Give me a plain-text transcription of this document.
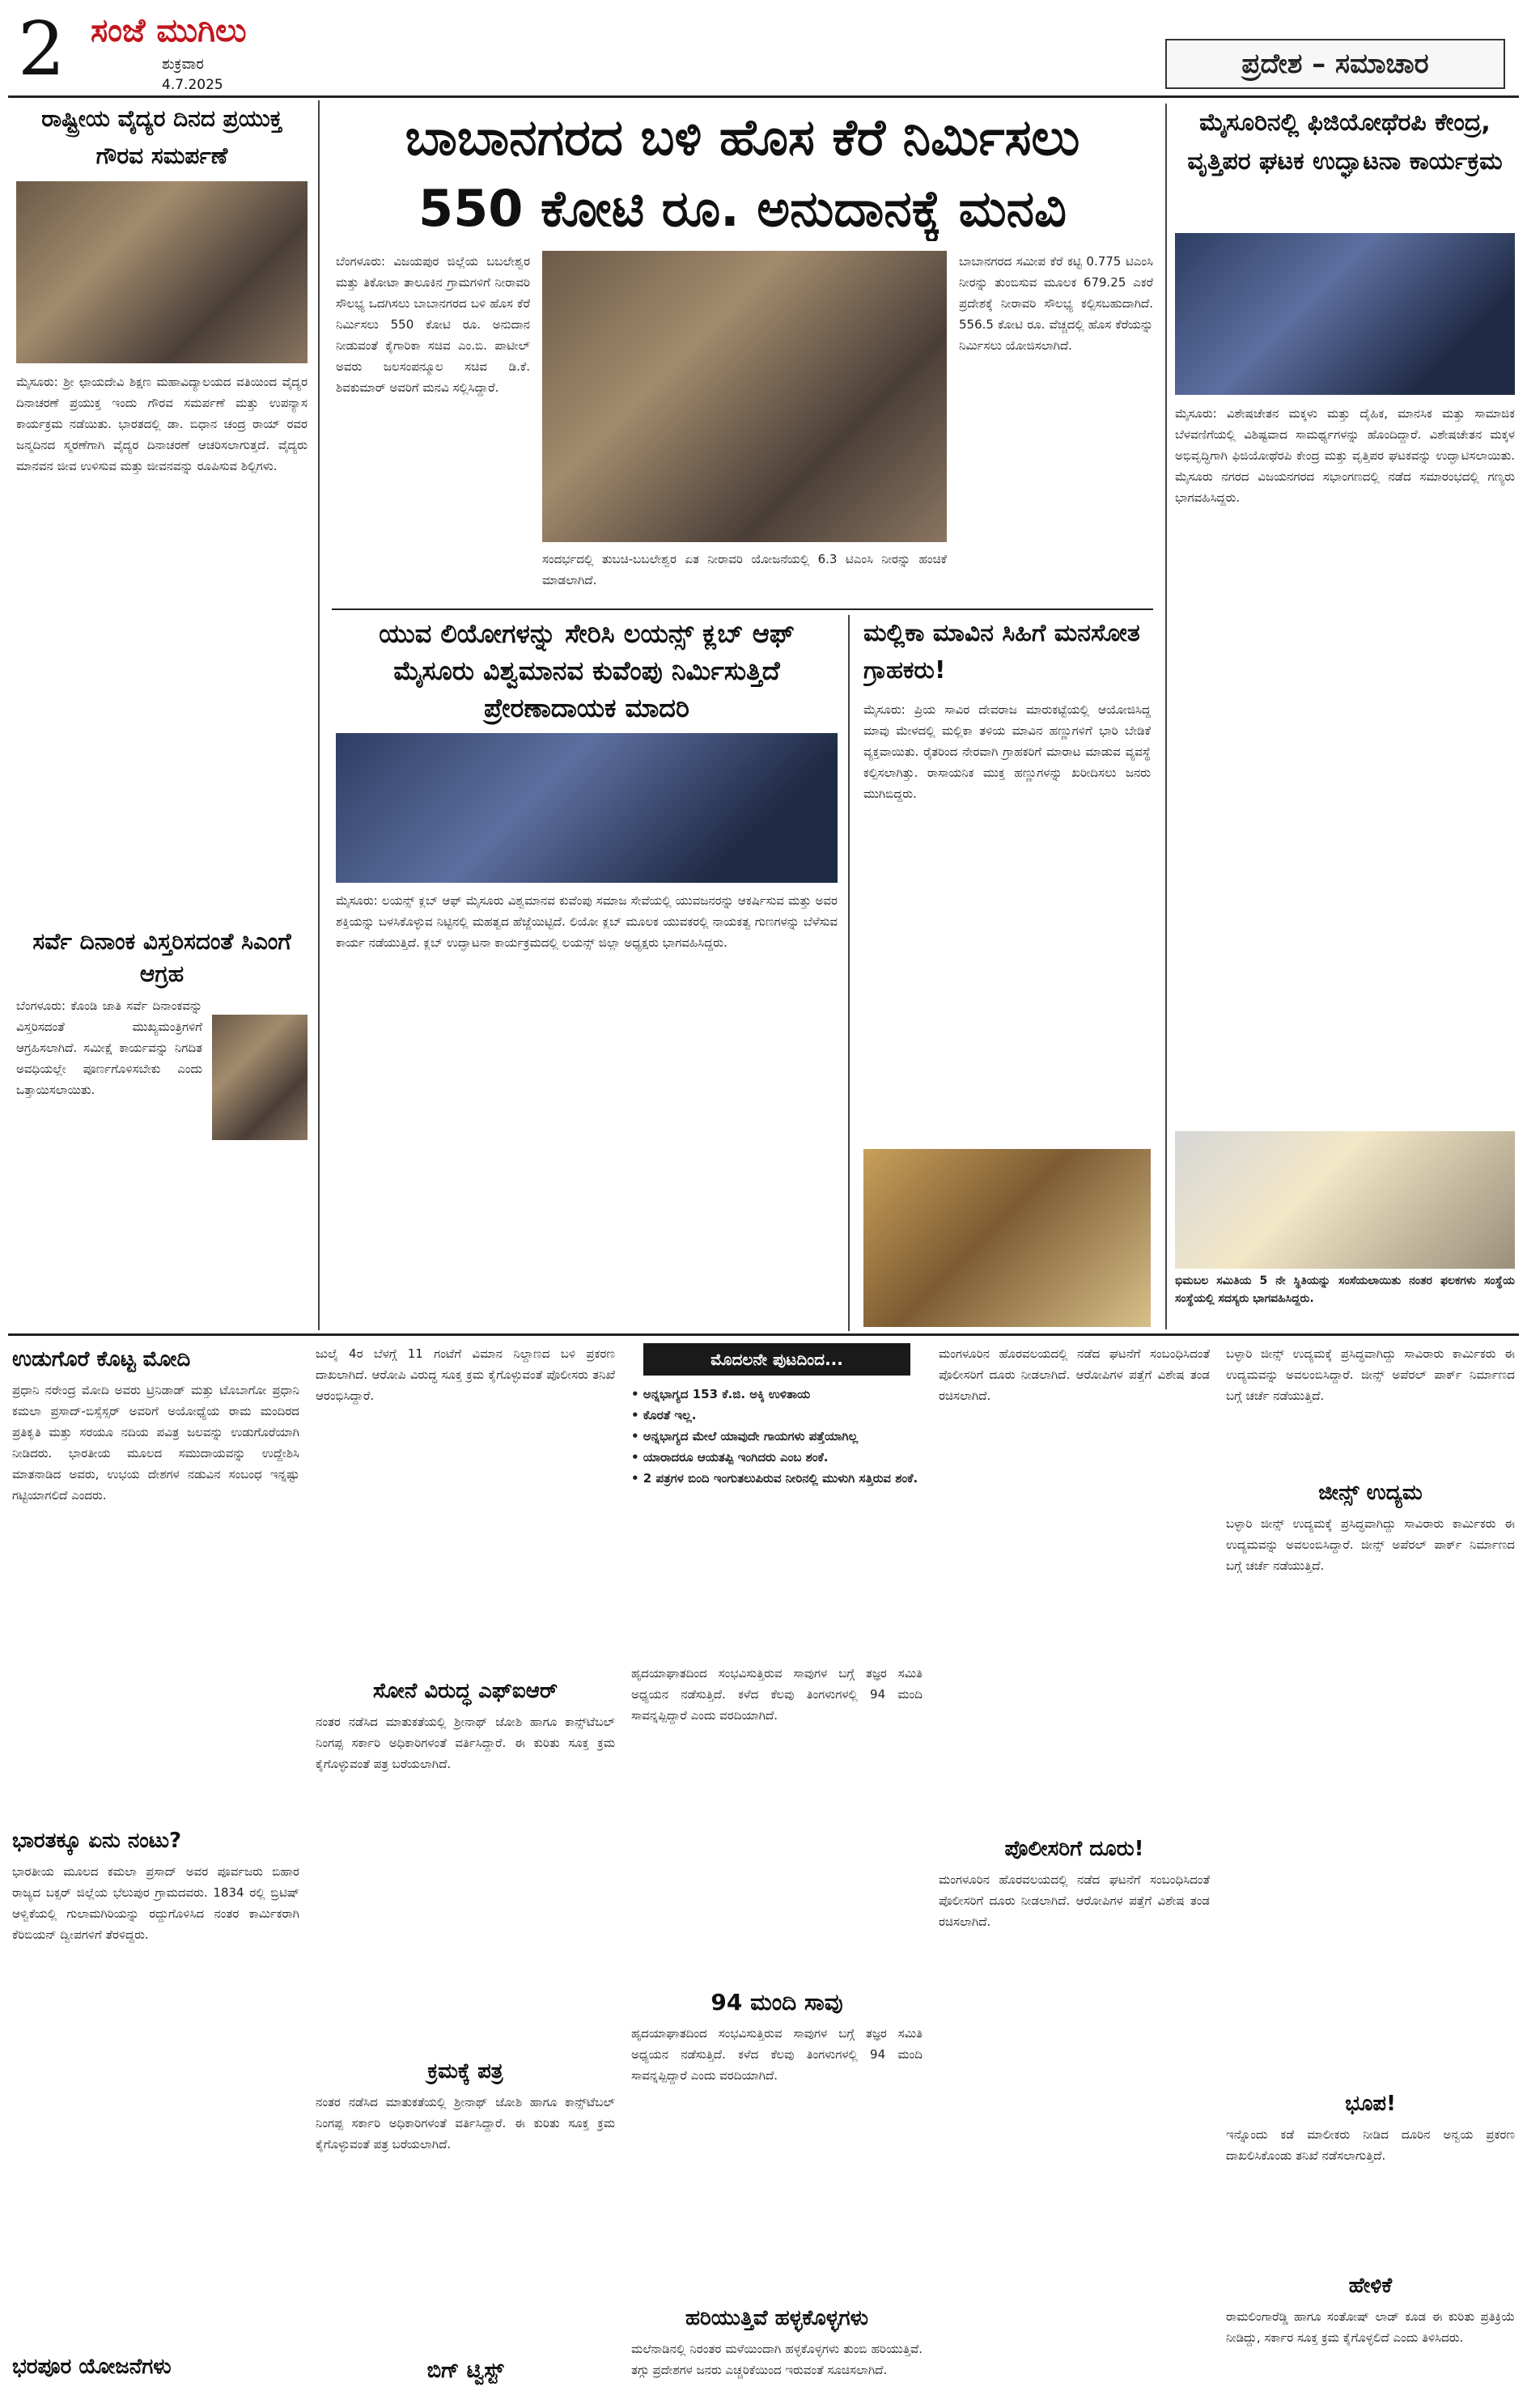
2 ಸಂಜೆ ಮುಗಿಲು
ಶುಕ್ರವಾರ
4.7.2025
ಪ್ರದೇಶ – ಸಮಾಚಾರ
ರಾಷ್ಟ್ರೀಯ ವೈದ್ಯರ ದಿನದ ಪ್ರಯುಕ್ತ ಗೌರವ ಸಮರ್ಪಣೆ
ಮೈಸೂರು: ಶ್ರೀ ಛಾಯದೇವಿ ಶಿಕ್ಷಣ ಮಹಾವಿದ್ಯಾಲಯದ ವತಿಯಿಂದ ವೈದ್ಯರ ದಿನಾಚರಣೆ ಪ್ರಯುಕ್ತ ಇಂದು ಗೌರವ ಸಮರ್ಪಣೆ ಮತ್ತು ಉಪನ್ಯಾಸ ಕಾರ್ಯಕ್ರಮ ನಡೆಯಿತು. ಭಾರತದಲ್ಲಿ ಡಾ. ಬಿಧಾನ ಚಂದ್ರ ರಾಯ್ ರವರ ಜನ್ಮದಿನದ ಸ್ಮರಣೆಗಾಗಿ ವೈದ್ಯರ ದಿನಾಚರಣೆ ಆಚರಿಸಲಾಗುತ್ತದೆ. ವೈದ್ಯರು ಮಾನವನ ಜೀವ ಉಳಿಸುವ ಮತ್ತು ಜೀವನವನ್ನು ರೂಪಿಸುವ ಶಿಲ್ಪಿಗಳು.
ಸರ್ವೆ ದಿನಾಂಕ ವಿಸ್ತರಿಸದಂತೆ ಸಿಎಂಗೆ ಆಗ್ರಹ
ಬೆಂಗಳೂರು: ಕೊಂಡಿ ಜಾತಿ ಸರ್ವೆ ದಿನಾಂಕವನ್ನು ವಿಸ್ತರಿಸದಂತೆ ಮುಖ್ಯಮಂತ್ರಿಗಳಿಗೆ ಆಗ್ರಹಿಸಲಾಗಿದೆ. ಸಮೀಕ್ಷೆ ಕಾರ್ಯವನ್ನು ನಿಗದಿತ ಅವಧಿಯಲ್ಲೇ ಪೂರ್ಣಗೊಳಿಸಬೇಕು ಎಂದು ಒತ್ತಾಯಿಸಲಾಯಿತು.
ಬಾಬಾನಗರದ ಬಳಿ ಹೊಸ ಕೆರೆ ನಿರ್ಮಿಸಲು
550 ಕೋಟಿ ರೂ. ಅನುದಾನಕ್ಕೆ ಮನವಿ
ಬೆಂಗಳೂರು: ವಿಜಯಪುರ ಜಿಲ್ಲೆಯ ಬಬಲೇಶ್ವರ ಮತ್ತು ತಿಕೋಟಾ ತಾಲೂಕಿನ ಗ್ರಾಮಗಳಿಗೆ ನೀರಾವರಿ ಸೌಲಭ್ಯ ಒದಗಿಸಲು ಬಾಬಾನಗರದ ಬಳಿ ಹೊಸ ಕೆರೆ ನಿರ್ಮಿಸಲು 550 ಕೋಟಿ ರೂ. ಅನುದಾನ ನೀಡುವಂತೆ ಕೈಗಾರಿಕಾ ಸಚಿವ ಎಂ.ಬಿ. ಪಾಟೀಲ್ ಅವರು ಜಲಸಂಪನ್ಮೂಲ ಸಚಿವ ಡಿ.ಕೆ. ಶಿವಕುಮಾರ್ ಅವರಿಗೆ ಮನವಿ ಸಲ್ಲಿಸಿದ್ದಾರೆ.
ಸಂದರ್ಭದಲ್ಲಿ ತುಬಚಿ-ಬಬಲೇಶ್ವರ ಏತ ನೀರಾವರಿ ಯೋಜನೆಯಲ್ಲಿ 6.3 ಟಿಎಂಸಿ ನೀರನ್ನು ಹಂಚಿಕೆ ಮಾಡಲಾಗಿದೆ.
ಬಾಬಾನಗರದ ಸಮೀಪ ಕೆರೆ ಕಟ್ಟಿ 0.775 ಟಿಎಂಸಿ ನೀರನ್ನು ತುಂಬಿಸುವ ಮೂಲಕ 679.25 ಎಕರೆ ಪ್ರದೇಶಕ್ಕೆ ನೀರಾವರಿ ಸೌಲಭ್ಯ ಕಲ್ಪಿಸಬಹುದಾಗಿದೆ. 556.5 ಕೋಟಿ ರೂ. ವೆಚ್ಚದಲ್ಲಿ ಹೊಸ ಕೆರೆಯನ್ನು ನಿರ್ಮಿಸಲು ಯೋಜಿಸಲಾಗಿದೆ.
ಮೈಸೂರಿನಲ್ಲಿ ಫಿಜಿಯೋಥೆರಪಿ ಕೇಂದ್ರ, ವೃತ್ತಿಪರ ಘಟಕ ಉದ್ಘಾಟನಾ ಕಾರ್ಯಕ್ರಮ
ಮೈಸೂರು: ವಿಶೇಷಚೇತನ ಮಕ್ಕಳು ಮತ್ತು ದೈಹಿಕ, ಮಾನಸಿಕ ಮತ್ತು ಸಾಮಾಜಿಕ ಬೆಳವಣಿಗೆಯಲ್ಲಿ ವಿಶಿಷ್ಟವಾದ ಸಾಮರ್ಥ್ಯಗಳನ್ನು ಹೊಂದಿದ್ದಾರೆ. ವಿಶೇಷಚೇತನ ಮಕ್ಕಳ ಅಭಿವೃದ್ಧಿಗಾಗಿ ಫಿಜಿಯೋಥೆರಪಿ ಕೇಂದ್ರ ಮತ್ತು ವೃತ್ತಿಪರ ಘಟಕವನ್ನು ಉದ್ಘಾಟಿಸಲಾಯಿತು. ಮೈಸೂರು ನಗರದ ವಿಜಯನಗರದ ಸಭಾಂಗಣದಲ್ಲಿ ನಡೆದ ಸಮಾರಂಭದಲ್ಲಿ ಗಣ್ಯರು ಭಾಗವಹಿಸಿದ್ದರು.
ಭಿಮಬಲ ಸಮಿತಿಯ 5 ನೇ ಸ್ಥಿತಿಯನ್ನು ಸಂಸೆಯಲಾಯಿತು ನಂತರ ಫಲಕಗಳು ಸಂಸ್ಥೆಯ ಸಂಸ್ಥೆಯಲ್ಲಿ ಸದಸ್ಯರು ಭಾಗವಹಿಸಿದ್ದರು.
ಯುವ ಲಿಯೋಗಳನ್ನು ಸೇರಿಸಿ ಲಯನ್ಸ್ ಕ್ಲಬ್ ಆಫ್ ಮೈಸೂರು ವಿಶ್ವಮಾನವ ಕುವೆಂಪು ನಿರ್ಮಿಸುತ್ತಿದೆ ಪ್ರೇರಣಾದಾಯಕ ಮಾದರಿ
ಮೈಸೂರು: ಲಯನ್ಸ್ ಕ್ಲಬ್ ಆಫ್ ಮೈಸೂರು ವಿಶ್ವಮಾನವ ಕುವೆಂಪು ಸಮಾಜ ಸೇವೆಯಲ್ಲಿ ಯುವಜನರನ್ನು ಆಕರ್ಷಿಸುವ ಮತ್ತು ಅವರ ಶಕ್ತಿಯನ್ನು ಬಳಸಿಕೊಳ್ಳುವ ನಿಟ್ಟಿನಲ್ಲಿ ಮಹತ್ವದ ಹೆಜ್ಜೆಯಿಟ್ಟಿದೆ. ಲಿಯೋ ಕ್ಲಬ್ ಮೂಲಕ ಯುವಕರಲ್ಲಿ ನಾಯಕತ್ವ ಗುಣಗಳನ್ನು ಬೆಳೆಸುವ ಕಾರ್ಯ ನಡೆಯುತ್ತಿದೆ. ಕ್ಲಬ್ ಉದ್ಘಾಟನಾ ಕಾರ್ಯಕ್ರಮದಲ್ಲಿ ಲಯನ್ಸ್ ಜಿಲ್ಲಾ ಅಧ್ಯಕ್ಷರು ಭಾಗವಹಿಸಿದ್ದರು.
ಮಲ್ಲಿಕಾ ಮಾವಿನ ಸಿಹಿಗೆ ಮನಸೋತ ಗ್ರಾಹಕರು!
ಮೈಸೂರು: ಪ್ರಿಯ ಸಾವಿರ ದೇವರಾಜ ಮಾರುಕಟ್ಟೆಯಲ್ಲಿ ಆಯೋಜಿಸಿದ್ದ ಮಾವು ಮೇಳದಲ್ಲಿ ಮಲ್ಲಿಕಾ ತಳಿಯ ಮಾವಿನ ಹಣ್ಣುಗಳಿಗೆ ಭಾರಿ ಬೇಡಿಕೆ ವ್ಯಕ್ತವಾಯಿತು. ರೈತರಿಂದ ನೇರವಾಗಿ ಗ್ರಾಹಕರಿಗೆ ಮಾರಾಟ ಮಾಡುವ ವ್ಯವಸ್ಥೆ ಕಲ್ಪಿಸಲಾಗಿತ್ತು. ರಾಸಾಯನಿಕ ಮುಕ್ತ ಹಣ್ಣುಗಳನ್ನು ಖರೀದಿಸಲು ಜನರು ಮುಗಿಬಿದ್ದರು.
ಉಡುಗೊರೆ ಕೊಟ್ಟ ಮೋದಿ
ಪ್ರಧಾನಿ ನರೇಂದ್ರ ಮೋದಿ ಅವರು ಟ್ರಿನಿಡಾಡ್ ಮತ್ತು ಟೊಬಾಗೋ ಪ್ರಧಾನಿ ಕಮಲಾ ಪ್ರಸಾದ್-ಬಿಸ್ಸೆಸ್ಸರ್ ಅವರಿಗೆ ಅಯೋಧ್ಯೆಯ ರಾಮ ಮಂದಿರದ ಪ್ರತಿಕೃತಿ ಮತ್ತು ಸರಯೂ ನದಿಯ ಪವಿತ್ರ ಜಲವನ್ನು ಉಡುಗೊರೆಯಾಗಿ ನೀಡಿದರು. ಭಾರತೀಯ ಮೂಲದ ಸಮುದಾಯವನ್ನು ಉದ್ದೇಶಿಸಿ ಮಾತನಾಡಿದ ಅವರು, ಉಭಯ ದೇಶಗಳ ನಡುವಿನ ಸಂಬಂಧ ಇನ್ನಷ್ಟು ಗಟ್ಟಿಯಾಗಲಿದೆ ಎಂದರು.
ಭಾರತಕ್ಕೂ ಏನು ನಂಟು?
ಭಾರತೀಯ ಮೂಲದ ಕಮಲಾ ಪ್ರಸಾದ್ ಅವರ ಪೂರ್ವಜರು ಬಿಹಾರ ರಾಜ್ಯದ ಬಕ್ಸರ್ ಜಿಲ್ಲೆಯ ಭೆಲುಪುರ ಗ್ರಾಮದವರು. 1834 ರಲ್ಲಿ ಬ್ರಿಟಿಷ್ ಆಳ್ವಿಕೆಯಲ್ಲಿ ಗುಲಾಮಗಿರಿಯನ್ನು ರದ್ದುಗೊಳಿಸಿದ ನಂತರ ಕಾರ್ಮಿಕರಾಗಿ ಕೆರಿಬಿಯನ್ ದ್ವೀಪಗಳಿಗೆ ತೆರಳಿದ್ದರು.
ಭರಪೂರ ಯೋಜನೆಗಳು
ಜುಲೈ 4ರ ಬೆಳಗ್ಗೆ 11 ಗಂಟೆಗೆ ವಿಮಾನ ನಿಲ್ದಾಣದ ಬಳಿ ಪ್ರಕರಣ ದಾಖಲಾಗಿದೆ. ಆರೋಪಿ ವಿರುದ್ಧ ಸೂಕ್ತ ಕ್ರಮ ಕೈಗೊಳ್ಳುವಂತೆ ಪೊಲೀಸರು ತನಿಖೆ ಆರಂಭಿಸಿದ್ದಾರೆ.
ಸೋನೆ ವಿರುದ್ಧ ಎಫ್‌ಐಆರ್
ನಂತರ ನಡೆಸಿದ ಮಾತುಕತೆಯಲ್ಲಿ ಶ್ರೀನಾಥ್ ಜೋಶಿ ಹಾಗೂ ಕಾನ್ಸ್‌ಟೆಬಲ್ ನಿಂಗಪ್ಪ ಸರ್ಕಾರಿ ಅಧಿಕಾರಿಗಳಂತೆ ವರ್ತಿಸಿದ್ದಾರೆ. ಈ ಕುರಿತು ಸೂಕ್ತ ಕ್ರಮ ಕೈಗೊಳ್ಳುವಂತೆ ಪತ್ರ ಬರೆಯಲಾಗಿದೆ.
ಕ್ರಮಕ್ಕೆ ಪತ್ರ
ನಂತರ ನಡೆಸಿದ ಮಾತುಕತೆಯಲ್ಲಿ ಶ್ರೀನಾಥ್ ಜೋಶಿ ಹಾಗೂ ಕಾನ್ಸ್‌ಟೆಬಲ್ ನಿಂಗಪ್ಪ ಸರ್ಕಾರಿ ಅಧಿಕಾರಿಗಳಂತೆ ವರ್ತಿಸಿದ್ದಾರೆ. ಈ ಕುರಿತು ಸೂಕ್ತ ಕ್ರಮ ಕೈಗೊಳ್ಳುವಂತೆ ಪತ್ರ ಬರೆಯಲಾಗಿದೆ.
ಬಿಗ್ ಟ್ವಿಸ್ಟ್
ಮೊದಲನೇ ಪುಟದಿಂದ...
• ಅನ್ನಭಾಗ್ಯದ 153 ಕೆ.ಜಿ. ಅಕ್ಕಿ ಉಳಿತಾಯ
• ಕೊರತೆ ಇಲ್ಲ.
• ಅನ್ನಭಾಗ್ಯದ ಮೇಲೆ ಯಾವುದೇ ಗಾಯಗಳು ಪತ್ತೆಯಾಗಿಲ್ಲ
• ಯಾರಾದರೂ ಆಯತಪ್ಪಿ ಇಂಗಿದರು ಎಂಬ ಶಂಕೆ.
• 2 ಪತ್ರಗಳ ಬಿಂದಿ ಇಂಗುತಲುಪಿರುವ ನೀರಿನಲ್ಲಿ ಮುಳುಗಿ ಸತ್ತಿರುವ ಶಂಕೆ.
ಹೃದಯಾಘಾತದಿಂದ ಸಂಭವಿಸುತ್ತಿರುವ ಸಾವುಗಳ ಬಗ್ಗೆ ತಜ್ಞರ ಸಮಿತಿ ಅಧ್ಯಯನ ನಡೆಸುತ್ತಿದೆ. ಕಳೆದ ಕೆಲವು ತಿಂಗಳುಗಳಲ್ಲಿ 94 ಮಂದಿ ಸಾವನ್ನಪ್ಪಿದ್ದಾರೆ ಎಂದು ವರದಿಯಾಗಿದೆ.
94 ಮಂದಿ ಸಾವು
ಹೃದಯಾಘಾತದಿಂದ ಸಂಭವಿಸುತ್ತಿರುವ ಸಾವುಗಳ ಬಗ್ಗೆ ತಜ್ಞರ ಸಮಿತಿ ಅಧ್ಯಯನ ನಡೆಸುತ್ತಿದೆ. ಕಳೆದ ಕೆಲವು ತಿಂಗಳುಗಳಲ್ಲಿ 94 ಮಂದಿ ಸಾವನ್ನಪ್ಪಿದ್ದಾರೆ ಎಂದು ವರದಿಯಾಗಿದೆ.
ಹರಿಯುತ್ತಿವೆ ಹಳ್ಳಕೊಳ್ಳಗಳು
ಮಲೆನಾಡಿನಲ್ಲಿ ನಿರಂತರ ಮಳೆಯಿಂದಾಗಿ ಹಳ್ಳಕೊಳ್ಳಗಳು ತುಂಬಿ ಹರಿಯುತ್ತಿವೆ. ತಗ್ಗು ಪ್ರದೇಶಗಳ ಜನರು ಎಚ್ಚರಿಕೆಯಿಂದ ಇರುವಂತೆ ಸೂಚಿಸಲಾಗಿದೆ.
ಮಂಗಳೂರಿನ ಹೊರವಲಯದಲ್ಲಿ ನಡೆದ ಘಟನೆಗೆ ಸಂಬಂಧಿಸಿದಂತೆ ಪೊಲೀಸರಿಗೆ ದೂರು ನೀಡಲಾಗಿದೆ. ಆರೋಪಿಗಳ ಪತ್ತೆಗೆ ವಿಶೇಷ ತಂಡ ರಚಿಸಲಾಗಿದೆ.
ಪೊಲೀಸರಿಗೆ ದೂರು!
ಮಂಗಳೂರಿನ ಹೊರವಲಯದಲ್ಲಿ ನಡೆದ ಘಟನೆಗೆ ಸಂಬಂಧಿಸಿದಂತೆ ಪೊಲೀಸರಿಗೆ ದೂರು ನೀಡಲಾಗಿದೆ. ಆರೋಪಿಗಳ ಪತ್ತೆಗೆ ವಿಶೇಷ ತಂಡ ರಚಿಸಲಾಗಿದೆ.
ಬಳ್ಳಾರಿ ಜೀನ್ಸ್ ಉದ್ಯಮಕ್ಕೆ ಪ್ರಸಿದ್ಧವಾಗಿದ್ದು ಸಾವಿರಾರು ಕಾರ್ಮಿಕರು ಈ ಉದ್ಯಮವನ್ನು ಅವಲಂಬಿಸಿದ್ದಾರೆ. ಜೀನ್ಸ್ ಅಪೆರಲ್ ಪಾರ್ಕ್ ನಿರ್ಮಾಣದ ಬಗ್ಗೆ ಚರ್ಚೆ ನಡೆಯುತ್ತಿದೆ.
ಜೀನ್ಸ್ ಉದ್ಯಮ
ಬಳ್ಳಾರಿ ಜೀನ್ಸ್ ಉದ್ಯಮಕ್ಕೆ ಪ್ರಸಿದ್ಧವಾಗಿದ್ದು ಸಾವಿರಾರು ಕಾರ್ಮಿಕರು ಈ ಉದ್ಯಮವನ್ನು ಅವಲಂಬಿಸಿದ್ದಾರೆ. ಜೀನ್ಸ್ ಅಪೆರಲ್ ಪಾರ್ಕ್ ನಿರ್ಮಾಣದ ಬಗ್ಗೆ ಚರ್ಚೆ ನಡೆಯುತ್ತಿದೆ.
ಭೂಪ!
ಇನ್ನೊಂದು ಕಡೆ ಮಾಲೀಕರು ನೀಡಿದ ದೂರಿನ ಅನ್ವಯ ಪ್ರಕರಣ ದಾಖಲಿಸಿಕೊಂಡು ತನಿಖೆ ನಡೆಸಲಾಗುತ್ತಿದೆ.
ಹೇಳಿಕೆ
ರಾಮಲಿಂಗಾರೆಡ್ಡಿ ಹಾಗೂ ಸಂತೋಷ್ ಲಾಡ್ ಕೂಡ ಈ ಕುರಿತು ಪ್ರತಿಕ್ರಿಯೆ ನೀಡಿದ್ದು, ಸರ್ಕಾರ ಸೂಕ್ತ ಕ್ರಮ ಕೈಗೊಳ್ಳಲಿದೆ ಎಂದು ತಿಳಿಸಿದರು.
